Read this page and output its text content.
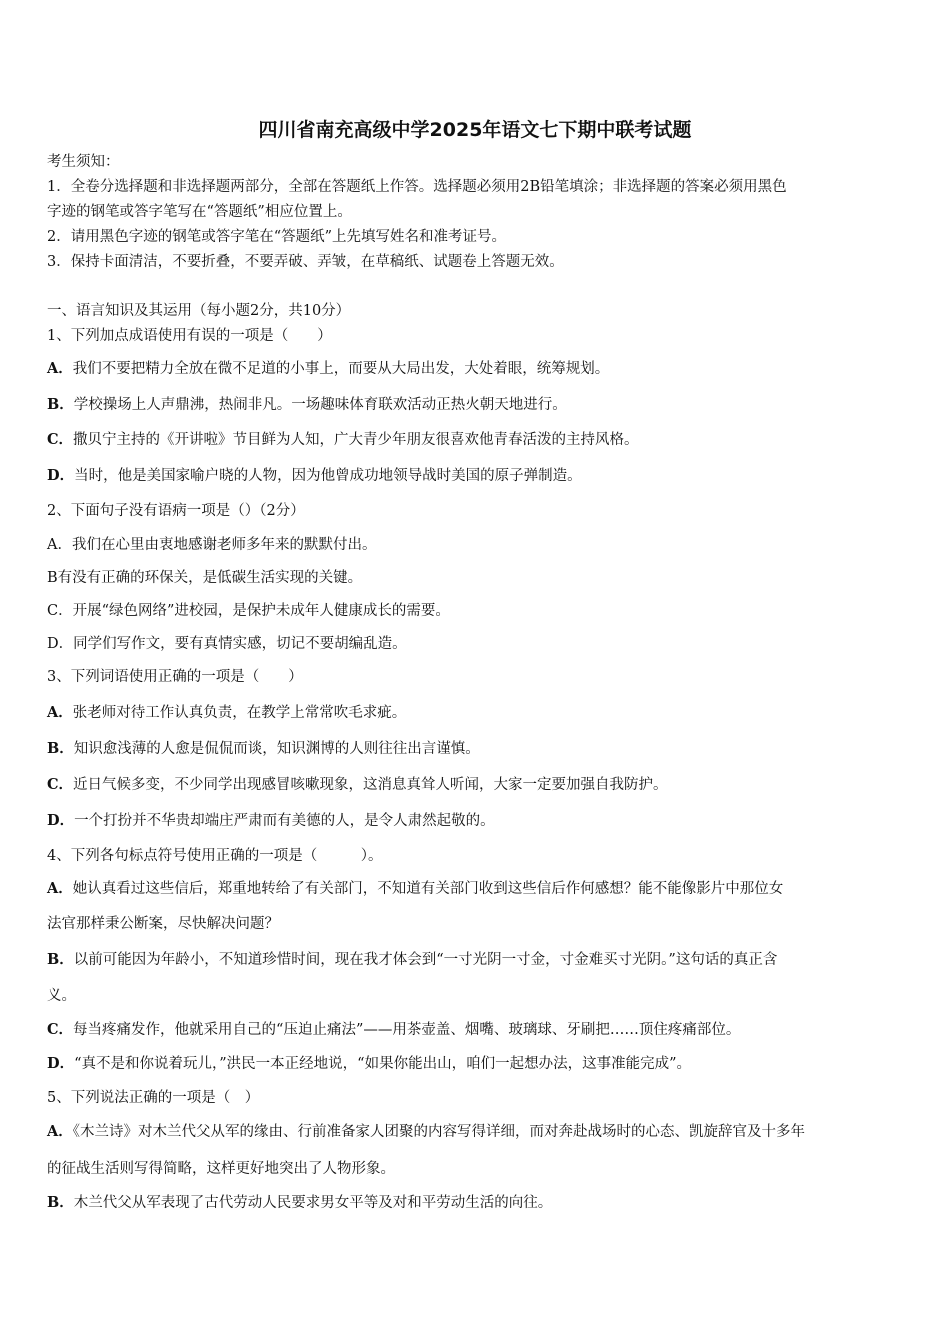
四川省南充高级中学2025年语文七下期中联考试题
考生须知：
1．全卷分选择题和非选择题两部分，全部在答题纸上作答。选择题必须用2B铅笔填涂；非选择题的答案必须用黑色
字迹的钢笔或答字笔写在“答题纸”相应位置上。
2．请用黑色字迹的钢笔或答字笔在“答题纸”上先填写姓名和准考证号。
3．保持卡面清洁，不要折叠，不要弄破、弄皱，在草稿纸、试题卷上答题无效。
一、语言知识及其运用（每小题2分，共10分）
1、下列加点成语使用有误的一项是（　　）
A．我们不要把精力全放在微不足道的小事上，而要从大局出发，大处着眼，统筹规划。
B．学校操场上人声鼎沸，热闹非凡。一场趣味体育联欢活动正热火朝天地进行。
C．撒贝宁主持的《开讲啦》节目鲜为人知，广大青少年朋友很喜欢他青春活泼的主持风格。
D．当时，他是美国家喻户晓的人物，因为他曾成功地领导战时美国的原子弹制造。
2、下面句子没有语病一项是（）（2分）
A．我们在心里由衷地感谢老师多年来的默默付出。
B有没有正确的环保关，是低碳生活实现的关键。
C．开展“绿色网络”进校园，是保护未成年人健康成长的需要。
D．同学们写作文，要有真情实感，切记不要胡编乱造。
3、下列词语使用正确的一项是（　　）
A．张老师对待工作认真负责，在教学上常常吹毛求疵。
B．知识愈浅薄的人愈是侃侃而谈，知识渊博的人则往往出言谨慎。
C．近日气候多变，不少同学出现感冒咳嗽现象，这消息真耸人听闻，大家一定要加强自我防护。
D．一个打扮并不华贵却端庄严肃而有美德的人，是令人肃然起敬的。
4、下列各句标点符号使用正确的一项是（　　　）。
A．她认真看过这些信后，郑重地转给了有关部门，不知道有关部门收到这些信后作何感想？能不能像影片中那位女
法官那样秉公断案，尽快解决问题？
B．以前可能因为年龄小，不知道珍惜时间，现在我才体会到“一寸光阴一寸金，寸金难买寸光阴。”这句话的真正含
义。
C．每当疼痛发作，他就采用自己的“压迫止痛法”——用茶壶盖、烟嘴、玻璃球、牙刷把……顶住疼痛部位。
D．“真不是和你说着玩儿，”洪民一本正经地说，“如果你能出山，咱们一起想办法，这事准能完成”。
5、下列说法正确的一项是（　）
A．《木兰诗》对木兰代父从军的缘由、行前准备家人团聚的内容写得详细，而对奔赴战场时的心态、凯旋辞官及十多年
的征战生活则写得简略，这样更好地突出了人物形象。
B．木兰代父从军表现了古代劳动人民要求男女平等及对和平劳动生活的向往。
